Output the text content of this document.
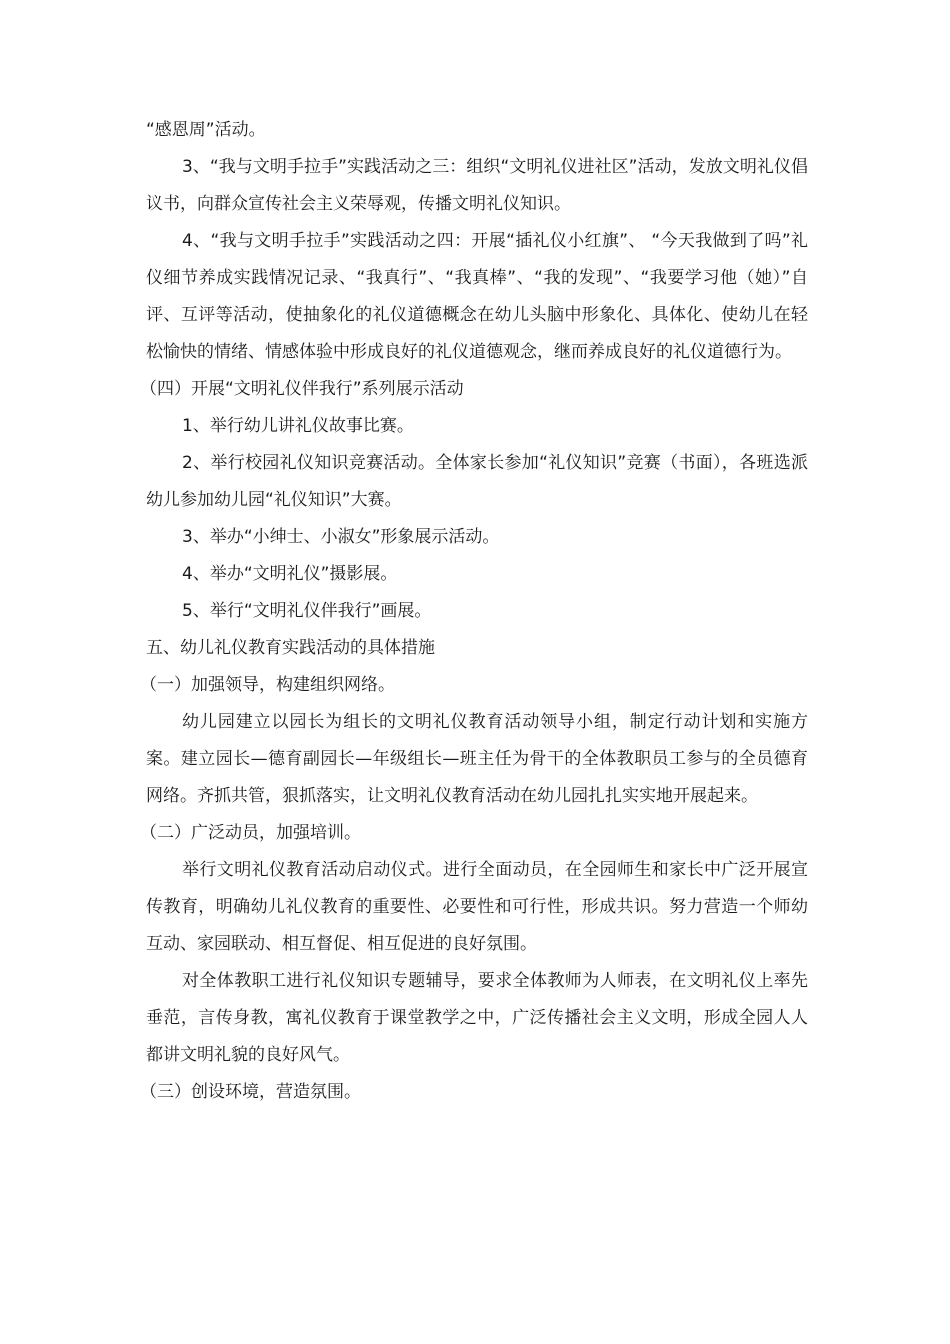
“感恩周”活动。

3、“我与文明手拉手”实践活动之三：组织“文明礼仪进社区”活动，发放文明礼仪倡议书，向群众宣传社会主义荣辱观，传播文明礼仪知识。

4、“我与文明手拉手”实践活动之四：开展“插礼仪小红旗”、 “今天我做到了吗”礼仪细节养成实践情况记录、“我真行”、“我真棒”、“我的发现”、“我要学习他（她）”自评、互评等活动，使抽象化的礼仪道德概念在幼儿头脑中形象化、具体化、使幼儿在轻松愉快的情绪、情感体验中形成良好的礼仪道德观念，继而养成良好的礼仪道德行为。

（四）开展“文明礼仪伴我行”系列展示活动

1、举行幼儿讲礼仪故事比赛。

2、举行校园礼仪知识竞赛活动。全体家长参加“礼仪知识”竞赛（书面），各班选派幼儿参加幼儿园“礼仪知识”大赛。

3、举办“小绅士、小淑女”形象展示活动。

4、举办“文明礼仪”摄影展。

5、举行“文明礼仪伴我行”画展。

五、幼儿礼仪教育实践活动的具体措施

（一）加强领导，构建组织网络。

幼儿园建立以园长为组长的文明礼仪教育活动领导小组，制定行动计划和实施方案。建立园长—德育副园长—年级组长—班主任为骨干的全体教职员工参与的全员德育网络。齐抓共管，狠抓落实，让文明礼仪教育活动在幼儿园扎扎实实地开展起来。

（二）广泛动员，加强培训。

举行文明礼仪教育活动启动仪式。进行全面动员，在全园师生和家长中广泛开展宣传教育，明确幼儿礼仪教育的重要性、必要性和可行性，形成共识。努力营造一个师幼互动、家园联动、相互督促、相互促进的良好氛围。

对全体教职工进行礼仪知识专题辅导，要求全体教师为人师表，在文明礼仪上率先垂范，言传身教，寓礼仪教育于课堂教学之中，广泛传播社会主义文明，形成全园人人都讲文明礼貌的良好风气。

（三）创设环境，营造氛围。
